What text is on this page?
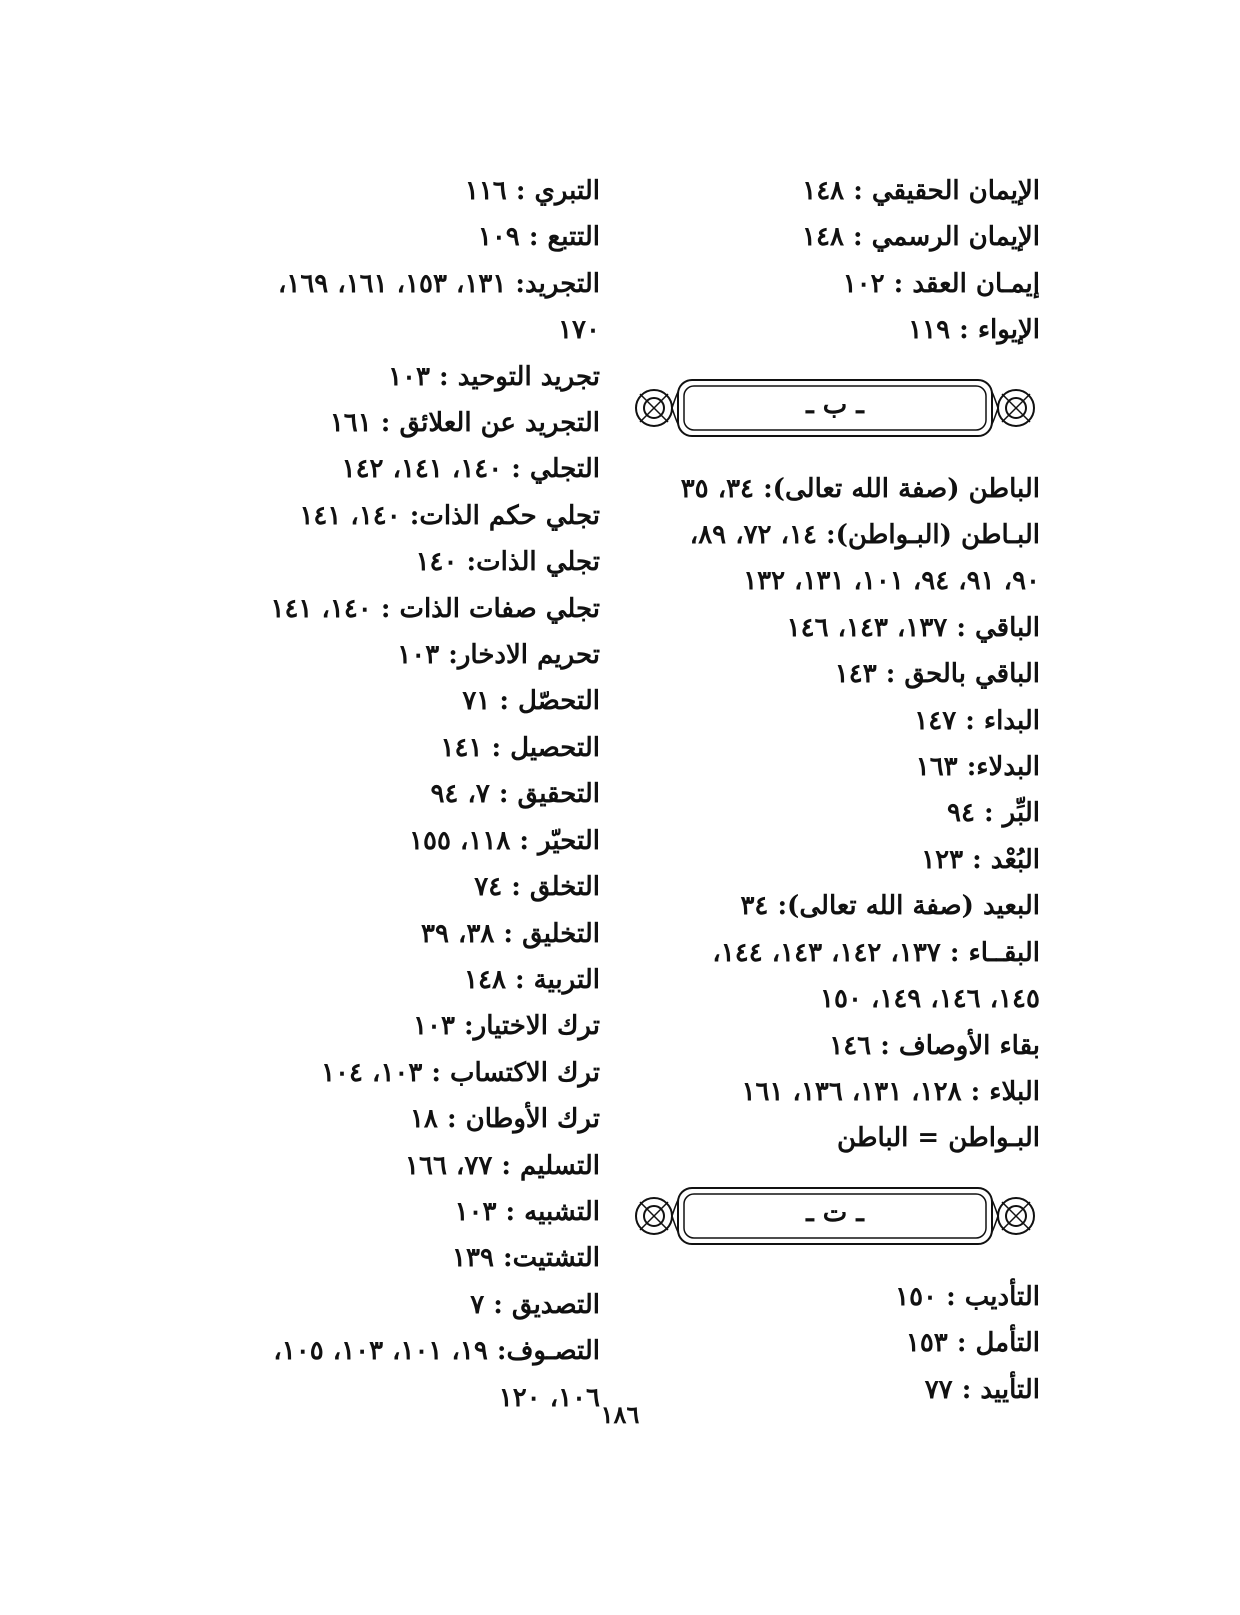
الإيمان الحقيقي : ١٤٨
الإيمان الرسمي : ١٤٨
إيمـان العقد : ١٠٢
الإيواء : ١١٩
ـ ب ـ
الباطن (صفة الله تعالى): ٣٤، ٣٥
البـاطن (البـواطن): ١٤، ٧٢، ٨٩،
٩٠، ٩١، ٩٤، ١٠١، ١٣١، ١٣٢
الباقي : ١٣٧، ١٤٣، ١٤٦
الباقي بالحق : ١٤٣
البداء : ١٤٧
البدلاء: ١٦٣
البِّر : ٩٤
البُعْد : ١٢٣
البعيد (صفة الله تعالى): ٣٤
البقــاء : ١٣٧، ١٤٢، ١٤٣، ١٤٤،
١٤٥، ١٤٦، ١٤٩، ١٥٠
بقاء الأوصاف : ١٤٦
البلاء : ١٢٨، ١٣١، ١٣٦، ١٦١
البـواطن = الباطن
ـ ت ـ
التأديب : ١٥٠
التأمل : ١٥٣
التأييد : ٧٧
التبري : ١١٦
التتبع : ١٠٩
التجريد: ١٣١، ١٥٣، ١٦١، ١٦٩،
١٧٠
تجريد التوحيد : ١٠٣
التجريد عن العلائق : ١٦١
التجلي : ١٤٠، ١٤١، ١٤٢
تجلي حكم الذات: ١٤٠، ١٤١
تجلي الذات: ١٤٠
تجلي صفات الذات : ١٤٠، ١٤١
تحريم الادخار: ١٠٣
التحصّل : ٧١
التحصيل : ١٤١
التحقيق : ٧، ٩٤
التحيّر : ١١٨، ١٥٥
التخلق : ٧٤
التخليق : ٣٨، ٣٩
التربية : ١٤٨
ترك الاختيار: ١٠٣
ترك الاكتساب : ١٠٣، ١٠٤
ترك الأوطان : ١٨
التسليم : ٧٧، ١٦٦
التشبيه : ١٠٣
التشتيت: ١٣٩
التصديق : ٧
التصـوف: ١٩، ١٠١، ١٠٣، ١٠٥،
١٠٦، ١٢٠
١٨٦
